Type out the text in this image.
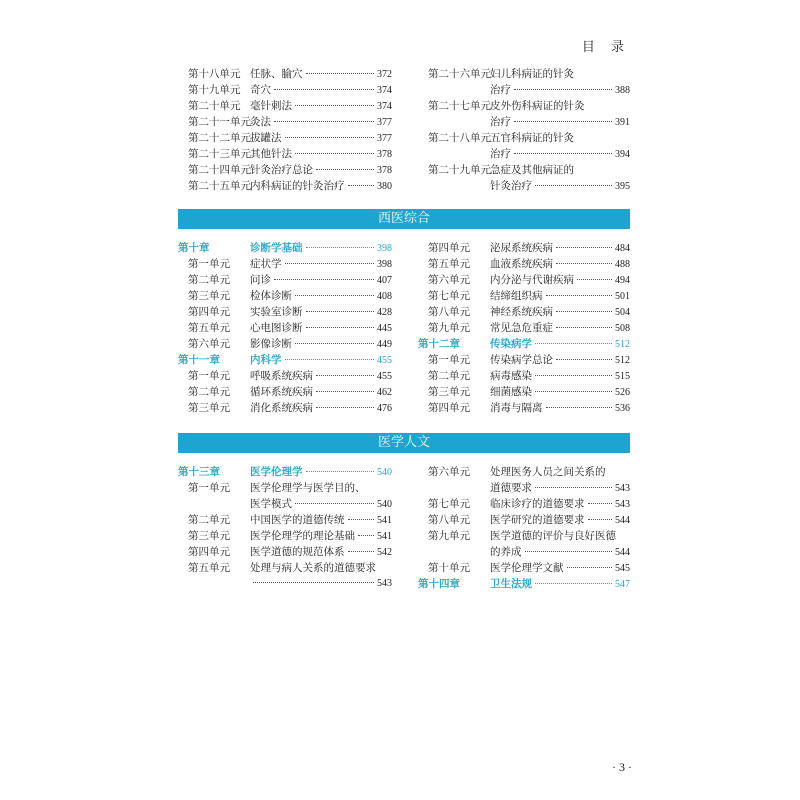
目 录
第十八单元 任脉、腧穴	372
第十九单元 奇穴	374
第二十单元 毫针刺法	374
第二十一单元 灸法	377
第二十二单元 拔罐法	377
第二十三单元 其他针法	378
第二十四单元 针灸治疗总论	378
第二十五单元 内科病证的针灸治疗	380
第二十六单元 妇儿科病证的针灸
治疗	388
第二十七单元 皮外伤科病证的针灸
治疗	391
第二十八单元 五官科病证的针灸
治疗	394
第二十九单元 急症及其他病证的
针灸治疗	395
西医综合
第十章	诊断学基础	398
第一单元	症状学	398
第二单元	问诊	407
第三单元	检体诊断	408
第四单元	实验室诊断	428
第五单元	心电图诊断	445
第六单元	影像诊断	449
第十一章	内科学	455
第一单元	呼吸系统疾病	455
第二单元	循环系统疾病	462
第三单元	消化系统疾病	476
第四单元	泌尿系统疾病	484
第五单元	血液系统疾病	488
第六单元	内分泌与代谢疾病	494
第七单元	结缔组织病	501
第八单元	神经系统疾病	504
第九单元	常见急危重症	508
第十二章	传染病学	512
第一单元	传染病学总论	512
第二单元	病毒感染	515
第三单元	细菌感染	526
第四单元	消毒与隔离	536
医学人文
第十三章	医学伦理学	540
第一单元	医学伦理学与医学目的、
医学模式	540
第二单元	中国医学的道德传统	541
第三单元	医学伦理学的理论基础 541
第四单元	医学道德的规范体系	542
第五单元	处理与病人关系的道德要求
543
第六单元	处理医务人员之间关系的
道德要求	543
第七单元	临床诊疗的道德要求	543
第八单元	医学研究的道德要求	544
第九单元	医学道德的评价与良好医德
的养成	544
第十单元	医学伦理学文献	545
第十四章	卫生法规	547
· 3 ·
